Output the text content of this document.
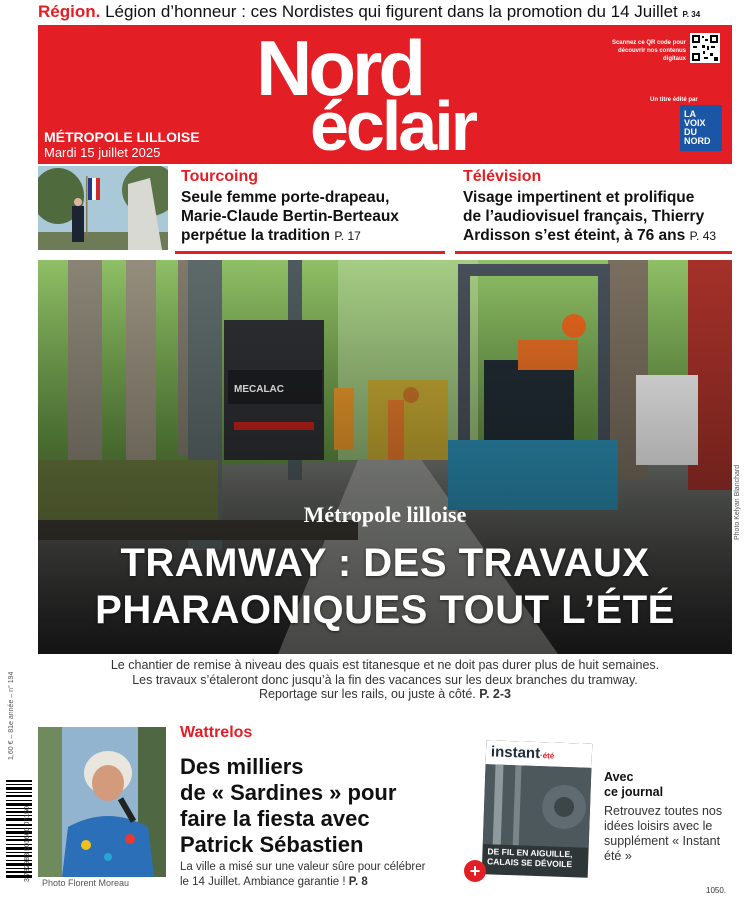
Région. Légion d’honneur : ces Nordistes qui figurent dans la promotion du 14 Juillet P. 34
Nord
éclair
MÉTROPOLE LILLOISE
Mardi 15 juillet 2025
Scannez ce QR code pour découvrir nos contenus digitaux
Un titre édité par
LA
VOIX
DU
NORD
Tourcoing
Seule femme porte-drapeau,
Marie-Claude Bertin-Berteaux
perpétue la tradition P. 17
Télévision
Visage impertinent et prolifique
de l’audiovisuel français, Thierry
Ardisson s’est éteint, à 76 ans P. 43
Métropole lilloise
TRAMWAY : DES TRAVAUX
PHARAONIQUES TOUT L’ÉTÉ
Photo Kelyan Blanchard
Le chantier de remise à niveau des quais est titanesque et ne doit pas durer plus de huit semaines.
Les travaux s’étaleront donc jusqu’à la fin des vacances sur les deux branches du tramway.
Reportage sur les rails, ou juste à côté. P. 2-3
1,60 € – 81e année – n° 194
3 782983 501600 07150
Photo Florent Moreau
Wattrelos
Des milliers
de « Sardines » pour
faire la fiesta avec
Patrick Sébastien
La ville a misé sur une valeur sûre pour célébrer le 14 Juillet. Ambiance garantie ! P. 8
instant·été
DE FIL EN AIGUILLE,
CALAIS SE DÉVOILE
+
Avec
ce journal
Retrouvez toutes nos idées loisirs avec le supplément « Instant été »
1050.
